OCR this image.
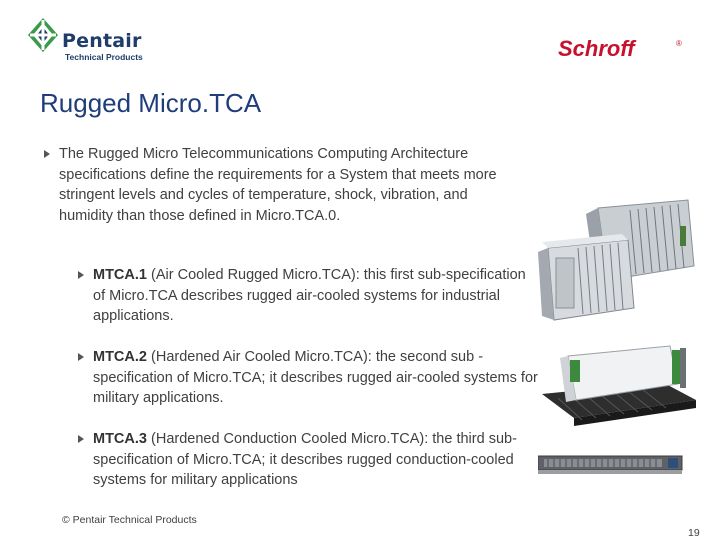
Pentair
Technical Products	Schroff	®
Rugged Micro.TCA
The Rugged Micro Telecommunications Computing Architecture specifications define the requirements for a System that meets more stringent levels and cycles of temperature, shock, vibration, and humidity than those defined in Micro.TCA.0.
MTCA.1 (Air Cooled Rugged Micro.TCA): this first sub-specification of Micro.TCA describes rugged air-cooled systems for industrial applications.
MTCA.2 (Hardened Air Cooled Micro.TCA): the second sub -specification of Micro.TCA; it describes rugged air-cooled systems for military applications.
MTCA.3 (Hardened Conduction Cooled Micro.TCA): the third sub-specification of Micro.TCA; it describes rugged conduction-cooled systems for military applications
© Pentair Technical Products
19
